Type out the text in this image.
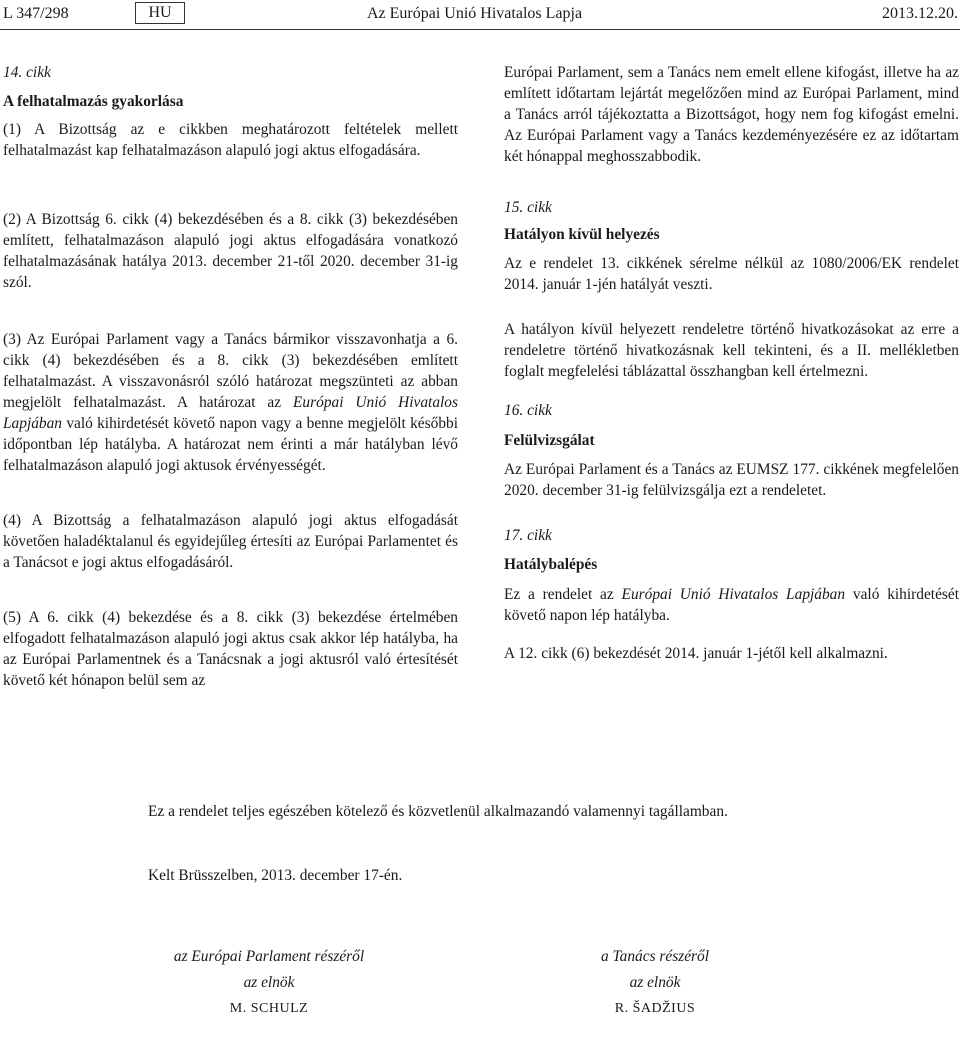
L 347/298	HU	Az Európai Unió Hivatalos Lapja	2013.12.20.

14. cikk

A felhatalmazás gyakorlása

(1) A Bizottság az e cikkben meghatározott feltételek mellett felhatalmazást kap felhatalmazáson alapuló jogi aktus elfogadására.

(2) A Bizottság 6. cikk (4) bekezdésében és a 8. cikk (3) bekezdésében említett, felhatalmazáson alapuló jogi aktus elfogadására vonatkozó felhatalmazásának hatálya 2013. december 21-től 2020. december 31-ig szól.

(3) Az Európai Parlament vagy a Tanács bármikor visszavonhatja a 6. cikk (4) bekezdésében és a 8. cikk (3) bekezdésében említett felhatalmazást. A visszavonásról szóló határozat megszünteti az abban megjelölt felhatalmazást. A határozat az Európai Unió Hivatalos Lapjában való kihirdetését követő napon vagy a benne megjelölt későbbi időpontban lép hatályba. A határozat nem érinti a már hatályban lévő felhatalmazáson alapuló jogi aktusok érvényességét.

(4) A Bizottság a felhatalmazáson alapuló jogi aktus elfogadását követően haladéktalanul és egyidejűleg értesíti az Európai Parlamentet és a Tanácsot e jogi aktus elfogadásáról.

(5) A 6. cikk (4) bekezdése és a 8. cikk (3) bekezdése értelmében elfogadott felhatalmazáson alapuló jogi aktus csak akkor lép hatályba, ha az Európai Parlamentnek és a Tanácsnak a jogi aktusról való értesítését követő két hónapon belül sem az

Európai Parlament, sem a Tanács nem emelt ellene kifogást, illetve ha az említett időtartam lejártát megelőzően mind az Európai Parlament, mind a Tanács arról tájékoztatta a Bizottságot, hogy nem fog kifogást emelni. Az Európai Parlament vagy a Tanács kezdeményezésére ez az időtartam két hónappal meghosszabbodik.

15. cikk

Hatályon kívül helyezés

Az e rendelet 13. cikkének sérelme nélkül az 1080/2006/EK rendelet 2014. január 1-jén hatályát veszti.

A hatályon kívül helyezett rendeletre történő hivatkozásokat az erre a rendeletre történő hivatkozásnak kell tekinteni, és a II. mellékletben foglalt megfelelési táblázattal összhangban kell értelmezni.

16. cikk

Felülvizsgálat

Az Európai Parlament és a Tanács az EUMSZ 177. cikkének megfelelően 2020. december 31-ig felülvizsgálja ezt a rendeletet.

17. cikk

Hatálybalépés

Ez a rendelet az Európai Unió Hivatalos Lapjában való kihirdetését követő napon lép hatályba.

A 12. cikk (6) bekezdését 2014. január 1-jétől kell alkalmazni.

Ez a rendelet teljes egészében kötelező és közvetlenül alkalmazandó valamennyi tagállamban.
Kelt Brüsszelben, 2013. december 17-én.
az Európai Parlament részéről
az elnök
M. SCHULZ
a Tanács részéről
az elnök
R. ŠADŽIUS
